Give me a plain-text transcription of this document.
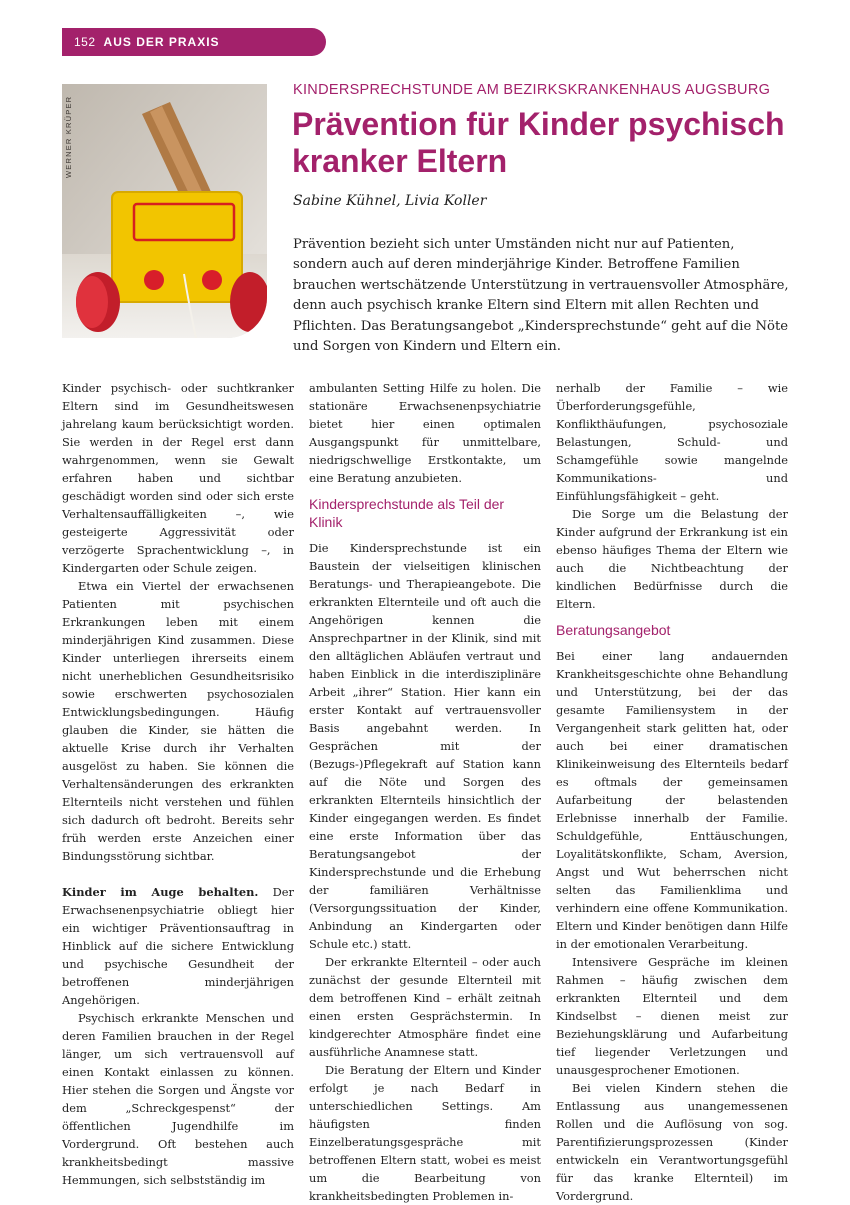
152 AUS DER PRAXIS
WERNER KRÜPER
KINDERSPRECHSTUNDE AM BEZIRKSKRANKENHAUS AUGSBURG
Prävention für Kinder psychisch kranker Eltern
Sabine Kühnel, Livia Koller

Prävention bezieht sich unter Umständen nicht nur auf Patienten, sondern auch auf deren minderjährige Kinder. Betroffene Familien brauchen wertschätzende Unterstützung in vertrauensvoller Atmosphäre, denn auch psychisch kranke Eltern sind Eltern mit allen Rechten und Pflichten. Das Beratungsangebot „Kindersprechstunde“ geht auf die Nöte und Sorgen von Kindern und Eltern ein.

Kinder psychisch- oder suchtkranker Eltern sind im Gesundheitswesen jahrelang kaum berücksichtigt worden. Sie werden in der Regel erst dann wahrgenommen, wenn sie Gewalt erfahren haben und sichtbar geschädigt worden sind oder sich erste Verhaltensauffälligkeiten –, wie gesteigerte Aggressivität oder verzögerte Sprachentwicklung –, in Kindergarten oder Schule zeigen.

Etwa ein Viertel der erwachsenen Patienten mit psychischen Erkrankungen leben mit einem minderjährigen Kind zusammen. Diese Kinder unterliegen ihrerseits einem nicht unerheblichen Gesundheitsrisiko sowie erschwerten psychosozialen Entwicklungsbedingungen. Häufig glauben die Kinder, sie hätten die aktuelle Krise durch ihr Verhalten ausgelöst zu haben. Sie können die Verhaltensänderungen des erkrankten Elternteils nicht verstehen und fühlen sich dadurch oft bedroht. Bereits sehr früh werden erste Anzeichen einer Bindungsstörung sichtbar.

Kinder im Auge behalten. Der Erwachsenenpsychiatrie obliegt hier ein wichtiger Präventionsauftrag in Hinblick auf die sichere Entwicklung und psychische Gesundheit der betroffenen minderjährigen Angehörigen.

Psychisch erkrankte Menschen und deren Familien brauchen in der Regel länger, um sich vertrauensvoll auf einen Kontakt einlassen zu können. Hier stehen die Sorgen und Ängste vor dem „Schreckgespenst“ der öffentlichen Jugendhilfe im Vordergrund. Oft bestehen auch krankheitsbedingt massive Hemmungen, sich selbstständig im

ambulanten Setting Hilfe zu holen. Die stationäre Erwachsenenpsychiatrie bietet hier einen optimalen Ausgangspunkt für unmittelbare, niedrigschwellige Erstkontakte, um eine Beratung anzubieten.

Kindersprechstunde als Teil der Klinik

Die Kindersprechstunde ist ein Baustein der vielseitigen klinischen Beratungs- und Therapieangebote. Die erkrankten Elternteile und oft auch die Angehörigen kennen die Ansprechpartner in der Klinik, sind mit den alltäglichen Abläufen vertraut und haben Einblick in die interdisziplinäre Arbeit „ihrer“ Station. Hier kann ein erster Kontakt auf vertrauensvoller Basis angebahnt werden. In Gesprächen mit der (Bezugs-)Pflegekraft auf Station kann auf die Nöte und Sorgen des erkrankten Elternteils hinsichtlich der Kinder eingegangen werden. Es findet eine erste Information über das Beratungsangebot der Kindersprechstunde und die Erhebung der familiären Verhältnisse (Versorgungssituation der Kinder, Anbindung an Kindergarten oder Schule etc.) statt.

Der erkrankte Elternteil – oder auch zunächst der gesunde Elternteil mit dem betroffenen Kind – erhält zeitnah einen ersten Gesprächstermin. In kindgerechter Atmosphäre findet eine ausführliche Anamnese statt.

Die Beratung der Eltern und Kinder erfolgt je nach Bedarf in unterschiedlichen Settings. Am häufigsten finden Einzelberatungsgespräche mit betroffenen Eltern statt, wobei es meist um die Bearbeitung von krankheitsbedingten Problemen in-

nerhalb der Familie – wie Überforderungsgefühle, Konflikthäufungen, psychosoziale Belastungen, Schuld- und Schamgefühle sowie mangelnde Kommunikations- und Einfühlungsfähigkeit – geht.

Die Sorge um die Belastung der Kinder aufgrund der Erkrankung ist ein ebenso häufiges Thema der Eltern wie auch die Nichtbeachtung der kindlichen Bedürfnisse durch die Eltern.

Beratungsangebot

Bei einer lang andauernden Krankheitsgeschichte ohne Behandlung und Unterstützung, bei der das gesamte Familiensystem in der Vergangenheit stark gelitten hat, oder auch bei einer dramatischen Klinikeinweisung des Elternteils bedarf es oftmals der gemeinsamen Aufarbeitung der belastenden Erlebnisse innerhalb der Familie. Schuldgefühle, Enttäuschungen, Loyalitätskonflikte, Scham, Aversion, Angst und Wut beherrschen nicht selten das Familienklima und verhindern eine offene Kommunikation. Eltern und Kinder benötigen dann Hilfe in der emotionalen Verarbeitung.

Intensivere Gespräche im kleinen Rahmen – häufig zwischen dem erkrankten Elternteil und dem Kindselbst – dienen meist zur Beziehungsklärung und Aufarbeitung tief liegender Verletzungen und unausgesprochener Emotionen.

Bei vielen Kindern stehen die Entlassung aus unangemessenen Rollen und die Auflösung von sog. Parentifizierungsprozessen (Kinder entwickeln ein Verantwortungsgefühl für das kranke Elternteil) im Vordergrund.
